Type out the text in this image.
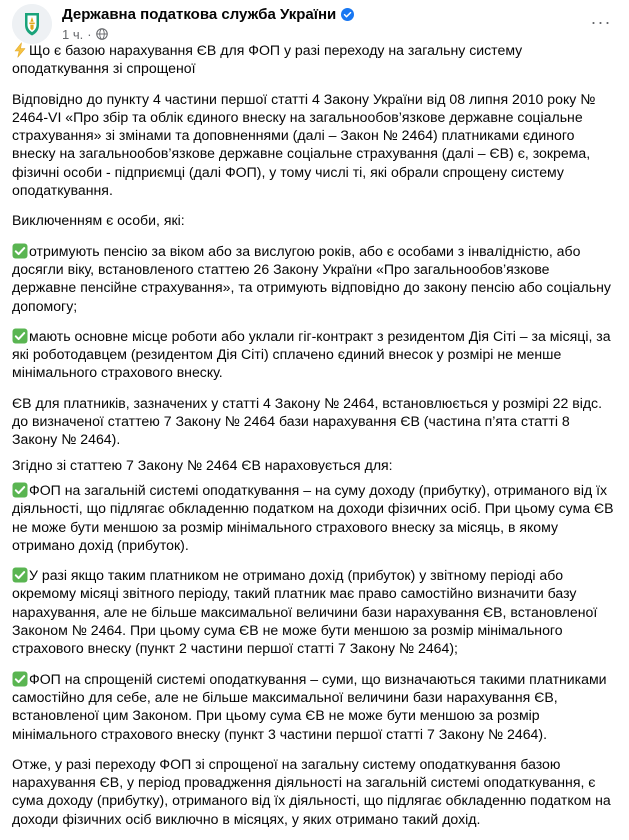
Державна податкова служба України
1 ч. ·
···

Що є базою нарахування ЄВ для ФОП у разі переходу на загальну систему оподаткування зі спрощеної

Відповідно до пункту 4 частини першої статті 4 Закону України від 08 липня 2010 року № 2464-VI «Про збір та облік єдиного внеску на загальнообов’язкове державне соціальне страхування» зі змінами та доповненнями (далі – Закон № 2464) платниками єдиного внеску на загальнообов’язкове державне соціальне страхування (далі – ЄВ) є, зокрема,  фізичні особи - підприємці (далі ФОП), у тому числі ті, які обрали спрощену систему оподаткування.

Виключенням є особи, які:

отримують пенсію за віком або за вислугою років, або є особами з інвалідністю, або досягли віку, встановленого статтею 26 Закону України «Про загальнообов’язкове державне пенсійне страхування», та отримують відповідно до закону пенсію або соціальну допомогу;

мають основне місце роботи або уклали гіг-контракт з резидентом Дія Сіті – за місяці, за які роботодавцем (резидентом Дія Сіті) сплачено єдиний внесок у розмірі не менше мінімального страхового внеску.

ЄВ для платників, зазначених у статті 4 Закону № 2464, встановлюється у розмірі 22 відс. до визначеної статтею 7 Закону № 2464 бази нарахування ЄВ (частина п’ята статті 8 Закону № 2464).

Згідно зі статтею 7 Закону № 2464 ЄВ нараховується для:

ФОП на загальній системі оподаткування – на суму доходу (прибутку), отриманого від їх діяльності, що підлягає обкладенню податком на доходи фізичних осіб. При цьому сума ЄВ не може бути меншою за розмір мінімального страхового внеску за місяць, в якому отримано дохід (прибуток).

У разі якщо таким платником не отримано дохід (прибуток) у звітному періоді або окремому місяці звітного періоду, такий платник має право самостійно визначити базу нарахування, але не більше максимальної величини бази нарахування ЄВ, встановленої Законом № 2464. При цьому сума ЄВ не може бути меншою за розмір мінімального страхового внеску (пункт 2 частини першої статті 7 Закону № 2464);

ФОП на спрощеній системі оподаткування – суми, що визначаються такими платниками самостійно для себе, але не більше максимальної величини бази нарахування ЄВ, встановленої цим Законом. При цьому сума ЄВ не може бути меншою за розмір мінімального страхового внеску (пункт 3 частини першої статті 7 Закону № 2464).

Отже, у разі переходу ФОП зі спрощеної на загальну систему оподаткування базою нарахування ЄВ, у період провадження діяльності на загальній системі оподаткування, є сума доходу (прибутку), отриманого від їх діяльності, що підлягає обкладенню податком на доходи фізичних осіб виключно в місяцях, у яких отримано такий дохід.
